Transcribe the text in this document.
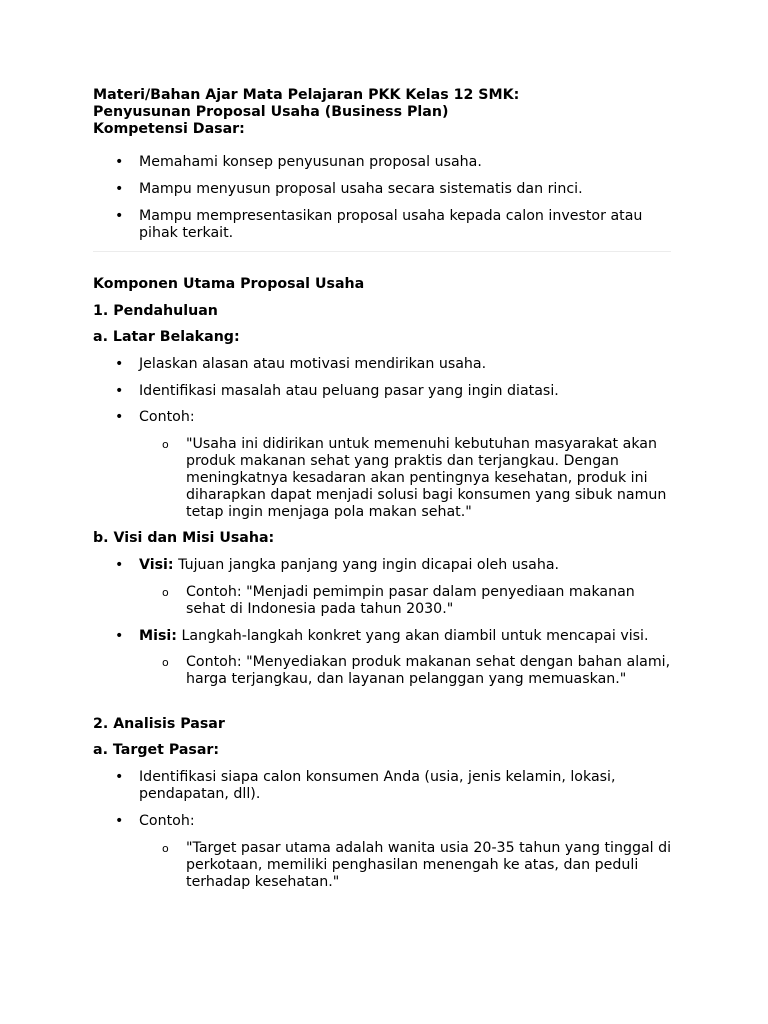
Materi/Bahan Ajar Mata Pelajaran PKK Kelas 12 SMK:
Penyusunan Proposal Usaha (Business Plan)
Kompetensi Dasar:
• Memahami konsep penyusunan proposal usaha.
• Mampu menyusun proposal usaha secara sistematis dan rinci.
• Mampu mempresentasikan proposal usaha kepada calon investor atau pihak terkait.
Komponen Utama Proposal Usaha
1. Pendahuluan
a. Latar Belakang:
• Jelaskan alasan atau motivasi mendirikan usaha.
• Identifikasi masalah atau peluang pasar yang ingin diatasi.
• Contoh:
o "Usaha ini didirikan untuk memenuhi kebutuhan masyarakat akan produk makanan sehat yang praktis dan terjangkau. Dengan meningkatnya kesadaran akan pentingnya kesehatan, produk ini diharapkan dapat menjadi solusi bagi konsumen yang sibuk namun tetap ingin menjaga pola makan sehat."
b. Visi dan Misi Usaha:
• Visi: Tujuan jangka panjang yang ingin dicapai oleh usaha.
o Contoh: "Menjadi pemimpin pasar dalam penyediaan makanan sehat di Indonesia pada tahun 2030."
• Misi: Langkah-langkah konkret yang akan diambil untuk mencapai visi.
o Contoh: "Menyediakan produk makanan sehat dengan bahan alami, harga terjangkau, dan layanan pelanggan yang memuaskan."
2. Analisis Pasar
a. Target Pasar:
• Identifikasi siapa calon konsumen Anda (usia, jenis kelamin, lokasi, pendapatan, dll).
• Contoh:
o "Target pasar utama adalah wanita usia 20-35 tahun yang tinggal di perkotaan, memiliki penghasilan menengah ke atas, dan peduli terhadap kesehatan."
